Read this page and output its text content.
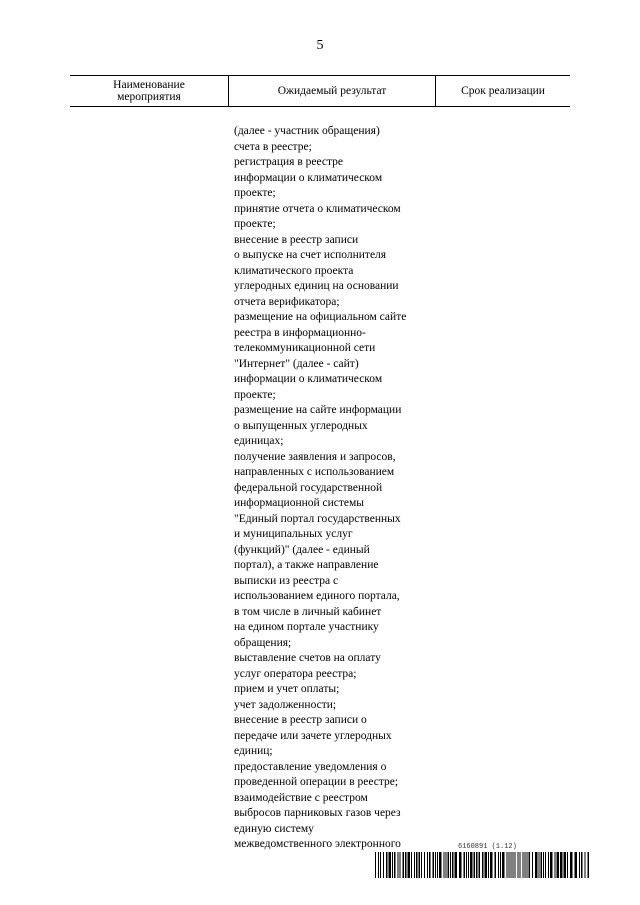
5
Наименование
мероприятия	Ожидаемый результат	Срок реализации
(далее - участник обращения)
счета в реестре;
регистрация в реестре
информации о климатическом
проекте;
принятие отчета о климатическом
проекте;
внесение в реестр записи
о выпуске на счет исполнителя
климатического проекта
углеродных единиц на основании
отчета верификатора;
размещение на официальном сайте
реестра в информационно-
телекоммуникационной сети
"Интернет" (далее - сайт)
информации о климатическом
проекте;
размещение на сайте информации
о выпущенных углеродных
единицах;
получение заявления и запросов,
направленных с использованием
федеральной государственной
информационной системы
"Единый портал государственных
и муниципальных услуг
(функций)" (далее - единый
портал), а также направление
выписки из реестра с
использованием единого портала,
в том числе в личный кабинет
на едином портале участнику
обращения;
выставление счетов на оплату
услуг оператора реестра;
прием и учет оплаты;
учет задолженности;
внесение в реестр записи о
передаче или зачете углеродных
единиц;
предоставление уведомления о
проведенной операции в реестре;
взаимодействие с реестром
выбросов парниковых газов через
единую систему
межведомственного электронного	6160891 (1.12)
